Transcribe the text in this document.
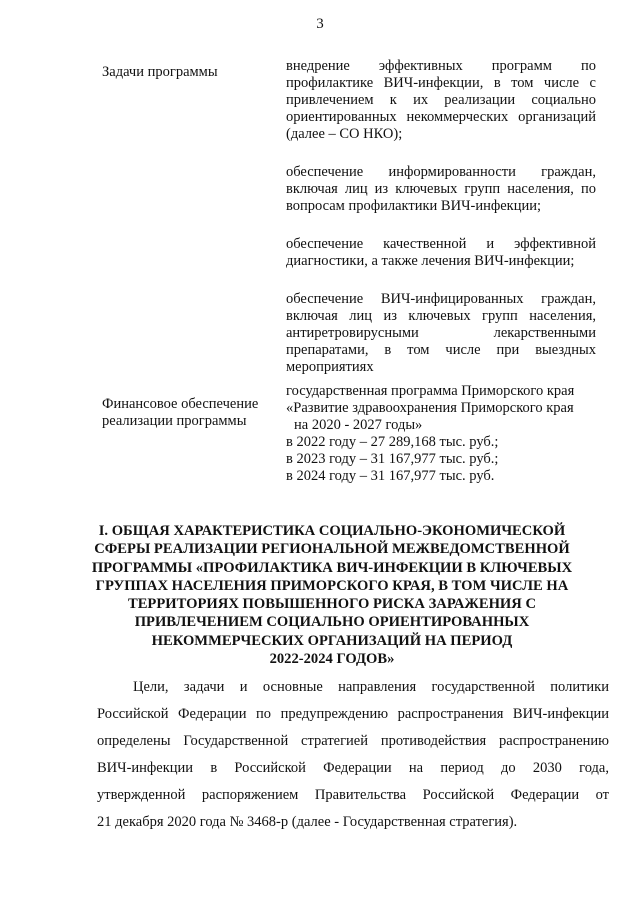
3
Задачи программы	внедрение эффективных программ по профилактике ВИЧ-инфекции, в том числе с привлечением к их реализации социально ориентированных некоммерческих организаций (далее – СО НКО);

обеспечение информированности граждан, включая лиц из ключевых групп населения, по вопросам профилактики ВИЧ-инфекции;

обеспечение качественной и эффективной диагностики, а также лечения ВИЧ-инфекции;

обеспечение ВИЧ-инфицированных граждан, включая лиц из ключевых групп населения, антиретровирусными лекарственными препаратами, в том числе при выездных мероприятиях

Финансовое обеспечение реализации программы

государственная программа Приморского края

«Развитие здравоохранения Приморского края

на 2020 - 2027 годы»

в 2022 году – 27 289,168 тыс. руб.;

в 2023 году – 31 167,977 тыс. руб.;

в 2024 году – 31 167,977 тыс. руб.

I. ОБЩАЯ ХАРАКТЕРИСТИКА СОЦИАЛЬНО-ЭКОНОМИЧЕСКОЙ
СФЕРЫ РЕАЛИЗАЦИИ РЕГИОНАЛЬНОЙ МЕЖВЕДОМСТВЕННОЙ
ПРОГРАММЫ «ПРОФИЛАКТИКА ВИЧ-ИНФЕКЦИИ В КЛЮЧЕВЫХ
ГРУППАХ НАСЕЛЕНИЯ ПРИМОРСКОГО КРАЯ, В ТОМ ЧИСЛЕ НА
ТЕРРИТОРИЯХ ПОВЫШЕННОГО РИСКА ЗАРАЖЕНИЯ С
ПРИВЛЕЧЕНИЕМ СОЦИАЛЬНО ОРИЕНТИРОВАННЫХ
НЕКОММЕРЧЕСКИХ ОРГАНИЗАЦИЙ НА ПЕРИОД
2022-2024 ГОДОВ»
Цели, задачи и основные направления государственной политики
Российской Федерации по предупреждению распространения ВИЧ-инфекции
определены Государственной стратегией противодействия распространению
ВИЧ-инфекции в Российской Федерации на период до 2030 года,
утвержденной распоряжением Правительства Российской Федерации от
21 декабря 2020 года № 3468-р (далее - Государственная стратегия).
